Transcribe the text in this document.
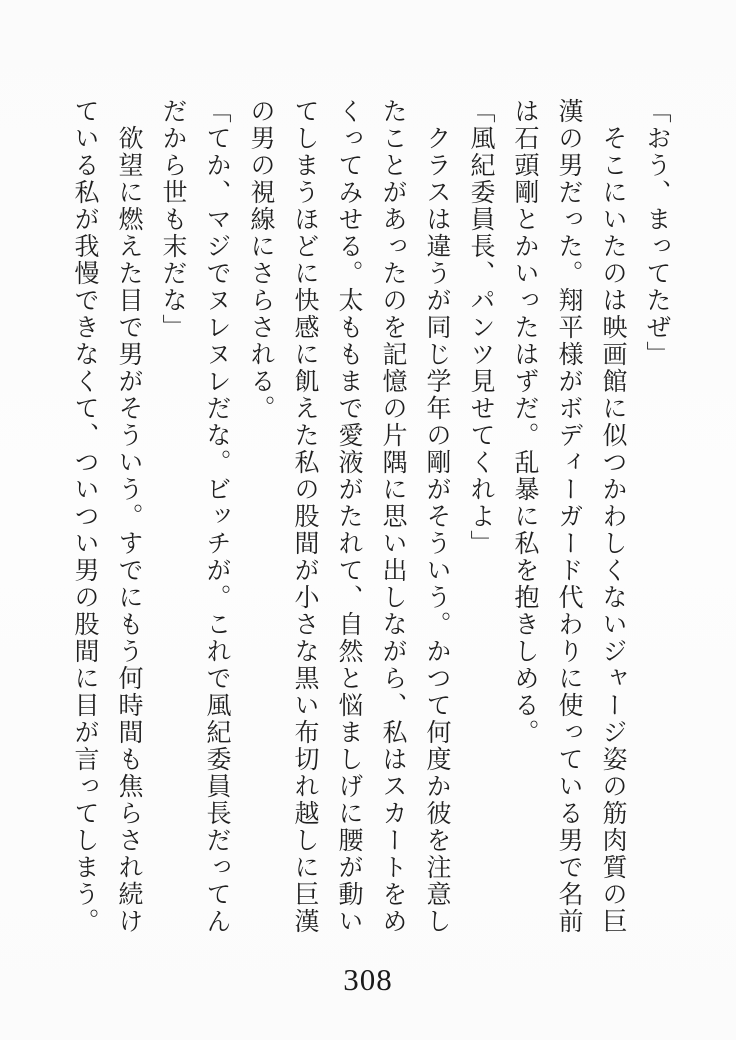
「おう、まってたぜ」
　そこにいたのは映画館に似つかわしくないジャージ姿の筋肉質の巨
漢の男だった。翔平様がボディーガード代わりに使っている男で名前
は石頭剛とかいったはずだ。乱暴に私を抱きしめる。
「風紀委員長、パンツ見せてくれよ」
　クラスは違うが同じ学年の剛がそういう。かつて何度か彼を注意し
たことがあったのを記憶の片隅に思い出しながら、私はスカートをめ
くってみせる。太ももまで愛液がたれて、自然と悩ましげに腰が動い
てしまうほどに快感に飢えた私の股間が小さな黒い布切れ越しに巨漢
の男の視線にさらされる。
「てか、マジでヌレヌレだな。ビッチが。これで風紀委員長だってん
だから世も末だな」
　欲望に燃えた目で男がそういう。すでにもう何時間も焦らされ続け
ている私が我慢できなくて、ついつい男の股間に目が言ってしまう。
308
